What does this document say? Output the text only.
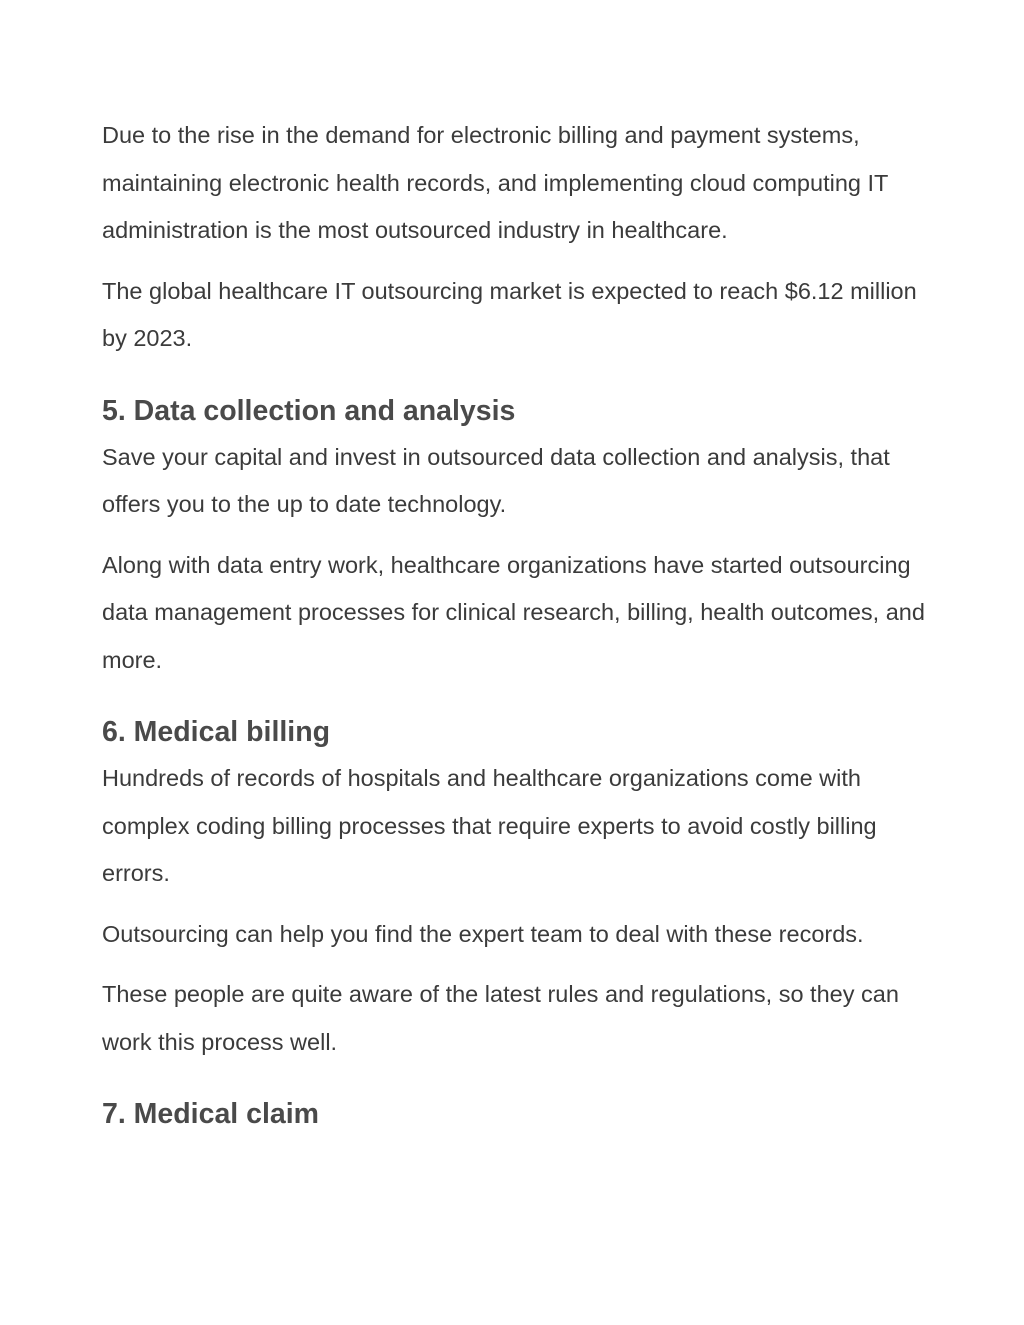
Due to the rise in the demand for electronic billing and payment systems, maintaining electronic health records, and implementing cloud computing IT administration is the most outsourced industry in healthcare.

The global healthcare IT outsourcing market is expected to reach $6.12 million by 2023.

5. Data collection and analysis

Save your capital and invest in outsourced data collection and analysis, that offers you to the up to date technology.

Along with data entry work, healthcare organizations have started outsourcing data management processes for clinical research, billing, health outcomes, and more.

6. Medical billing

Hundreds of records of hospitals and healthcare organizations come with complex coding billing processes that require experts to avoid costly billing errors.

Outsourcing can help you find the expert team to deal with these records.

These people are quite aware of the latest rules and regulations, so they can work this process well.

7. Medical claim
